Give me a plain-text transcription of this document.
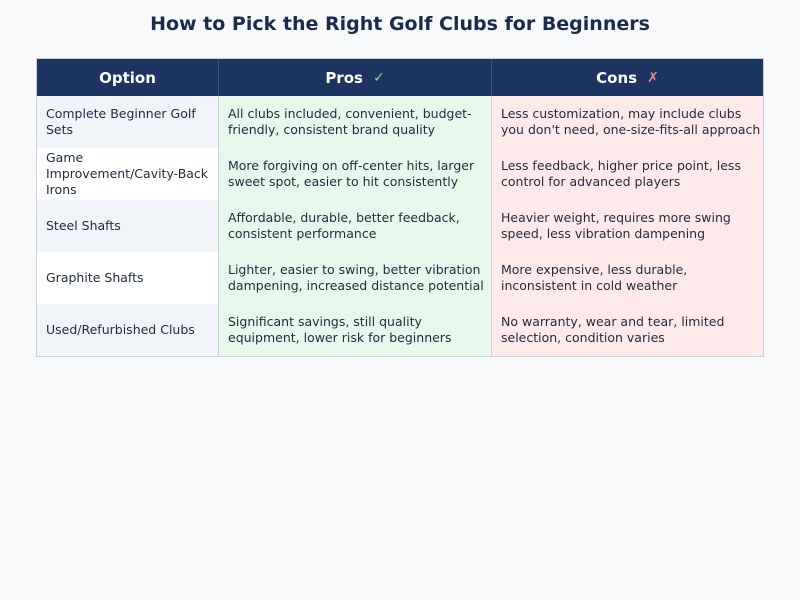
How to Pick the Right Golf Clubs for Beginners
Option	Pros ✓	Cons ✗
Complete Beginner Golf Sets
All clubs included, convenient, budget-friendly, consistent brand quality
Less customization, may include clubs you don't need, one-size-fits-all approach
Game Improvement/Cavity-Back Irons
More forgiving on off-center hits, larger sweet spot, easier to hit consistently
Less feedback, higher price point, less control for advanced players
Steel Shafts
Affordable, durable, better feedback, consistent performance
Heavier weight, requires more swing speed, less vibration dampening
Graphite Shafts
Lighter, easier to swing, better vibration dampening, increased distance potential
More expensive, less durable, inconsistent in cold weather
Used/Refurbished Clubs
Significant savings, still quality equipment, lower risk for beginners
No warranty, wear and tear, limited selection, condition varies
